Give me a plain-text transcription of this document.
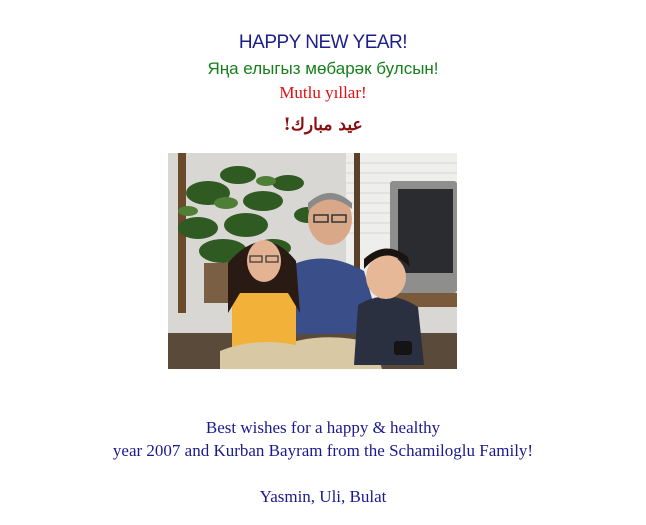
HAPPY NEW YEAR!
Яңа елыгыз мөбарәк булсын!
Mutlu yıllar!
عيد مبارك!
Best wishes for a happy & healthy
year 2007 and Kurban Bayram from the Schamiloglu Family!
Yasmin, Uli, Bulat
